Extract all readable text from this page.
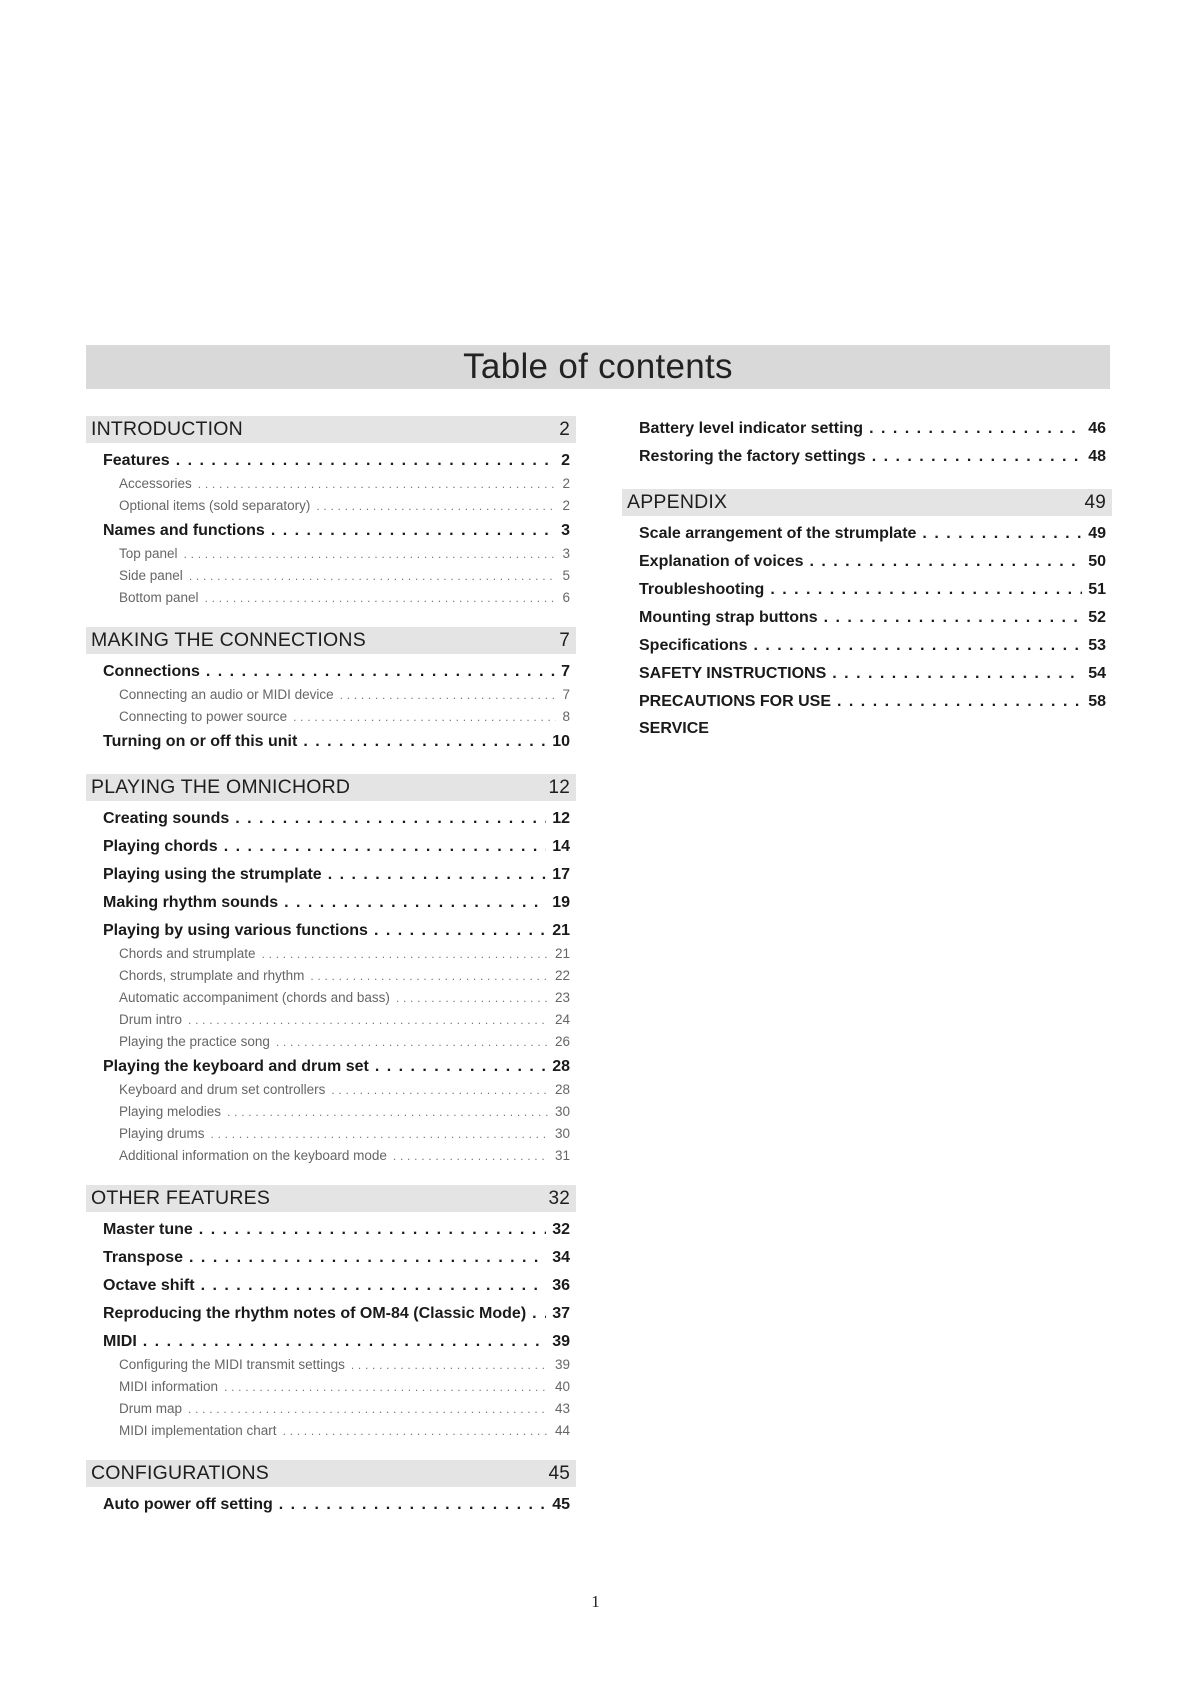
Table of contents
INTRODUCTION	2
Features . . .	2
Accessories . . .	2
Optional items (sold separatory) . . .	2
Names and functions . . .	3
Top panel . . .	3
Side panel . . .	5
Bottom panel . . .	6
MAKING THE CONNECTIONS	7
Connections . . .	7
Connecting an audio or MIDI device . . .	7
Connecting to power source . . .	8
Turning on or off this unit . . .	10
PLAYING THE OMNICHORD	12
Creating sounds . . .	12
Playing chords . . .	14
Playing using the strumplate . . .	17
Making rhythm sounds . . .	19
Playing by using various functions . . .	21
Chords and strumplate . . .	21
Chords, strumplate and rhythm . . .	22
Automatic accompaniment (chords and bass) . . .	23
Drum intro . . .	24
Playing the practice song . . .	26
Playing the keyboard and drum set . . .	28
Keyboard and drum set controllers . . .	28
Playing melodies . . .	30
Playing drums . . .	30
Additional information on the keyboard mode . . .	31
OTHER FEATURES	32
Master tune . . .	32
Transpose . . .	34
Octave shift . . .	36
Reproducing the rhythm notes of OM-84 (Classic Mode) . . .	37
MIDI . . .	39
Configuring the MIDI transmit settings . . .	39
MIDI information . . .	40
Drum map . . .	43
MIDI implementation chart . . .	44
CONFIGURATIONS	45
Auto power off setting . . .	45
Battery level indicator setting . . .	46
Restoring the factory settings . . .	48
APPENDIX	49
Scale arrangement of the strumplate . . .	49
Explanation of voices . . .	50
Troubleshooting . . .	51
Mounting strap buttons . . .	52
Specifications . . .	53
SAFETY INSTRUCTIONS . . .	54
PRECAUTIONS FOR USE . . .	58
SERVICE
1
